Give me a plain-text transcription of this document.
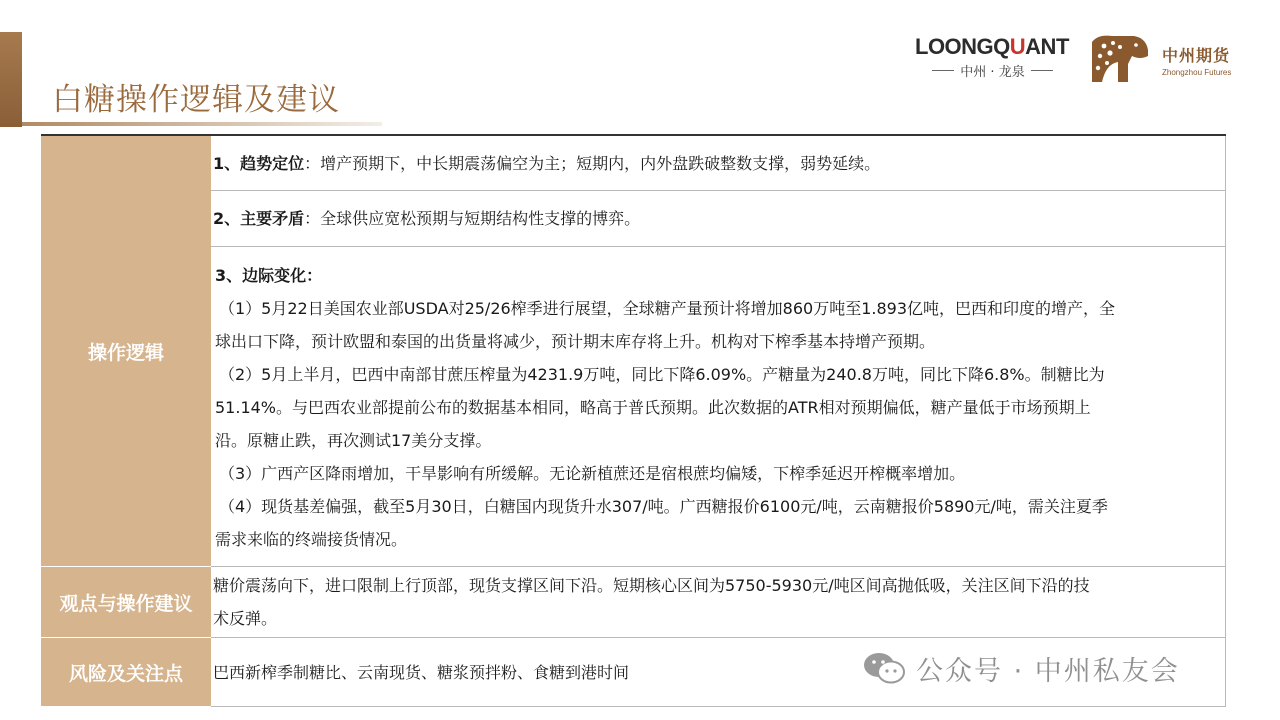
白糖操作逻辑及建议
LOONGQUANT
中州 · 龙泉
中州期货
Zhongzhou Futures
操作逻辑
1、趋势定位：增产预期下，中长期震荡偏空为主；短期内，内外盘跌破整数支撑，弱势延续。
2、主要矛盾：全球供应宽松预期与短期结构性支撑的博弈。
3、边际变化：
（1）5月22日美国农业部USDA对25/26榨季进行展望，全球糖产量预计将增加860万吨至1.893亿吨，巴西和印度的增产，全
球出口下降，预计欧盟和泰国的出货量将减少，预计期末库存将上升。机构对下榨季基本持增产预期。
（2）5月上半月，巴西中南部甘蔗压榨量为4231.9万吨，同比下降6.09%。产糖量为240.8万吨，同比下降6.8%。制糖比为
51.14%。与巴西农业部提前公布的数据基本相同，略高于普氏预期。此次数据的ATR相对预期偏低，糖产量低于市场预期上
沿。原糖止跌，再次测试17美分支撑。
（3）广西产区降雨增加，干旱影响有所缓解。无论新植蔗还是宿根蔗均偏矮，下榨季延迟开榨概率增加。
（4）现货基差偏强，截至5月30日，白糖国内现货升水307/吨。广西糖报价6100元/吨，云南糖报价5890元/吨，需关注夏季
需求来临的终端接货情况。
观点与操作建议
糖价震荡向下，进口限制上行顶部，现货支撑区间下沿。短期核心区间为5750-5930元/吨区间高抛低吸，关注区间下沿的技
术反弹。
风险及关注点	巴西新榨季制糖比、云南现货、糖浆预拌粉、食糖到港时间	公众号 · 中州私友会
